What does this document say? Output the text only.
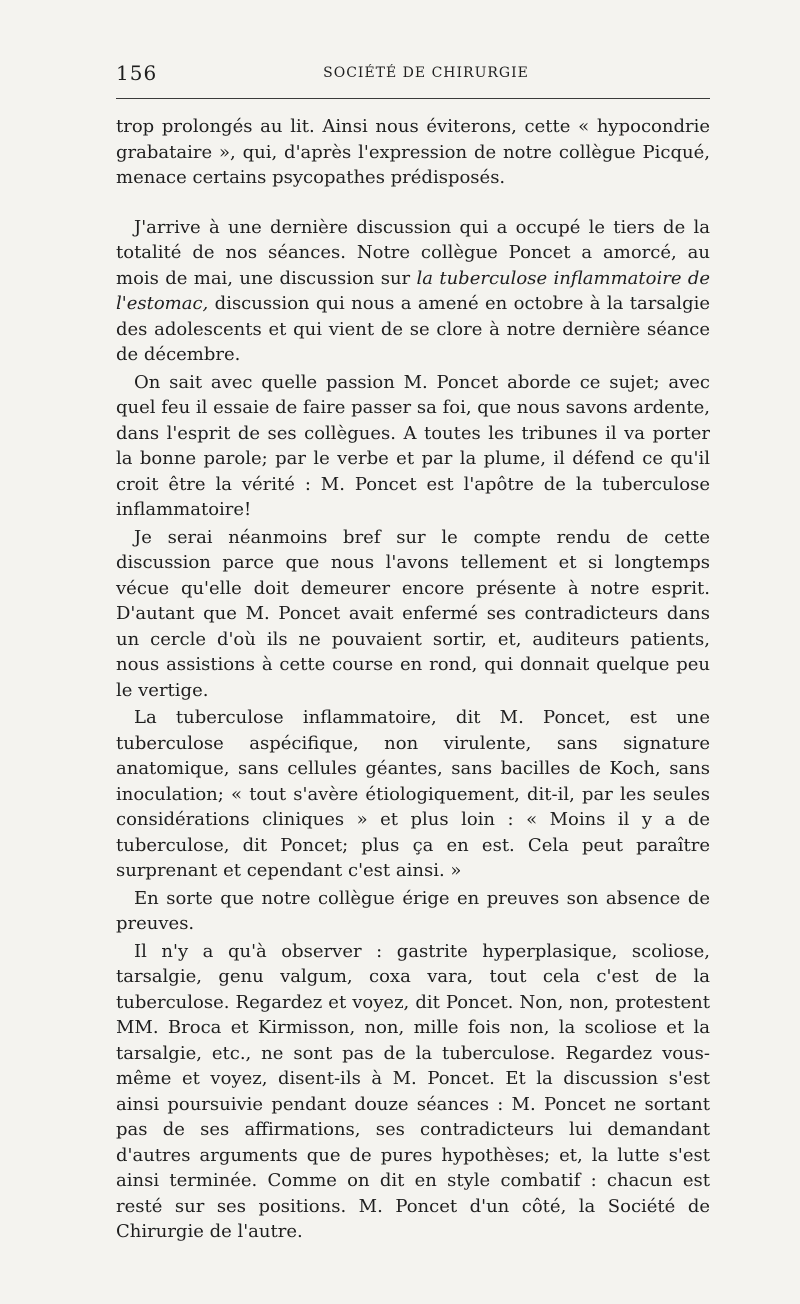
156	SOCIÉTÉ DE CHIRURGIE

trop prolongés au lit. Ainsi nous éviterons, cette « hypocondrie grabataire », qui, d'après l'expression de notre collègue Picqué, menace certains psycopathes prédisposés.

J'arrive à une dernière discussion qui a occupé le tiers de la totalité de nos séances. Notre collègue Poncet a amorcé, au mois de mai, une discussion sur la tuberculose inflammatoire de l'estomac, discussion qui nous a amené en octobre à la tarsalgie des adolescents et qui vient de se clore à notre dernière séance de décembre.

On sait avec quelle passion M. Poncet aborde ce sujet; avec quel feu il essaie de faire passer sa foi, que nous savons ardente, dans l'esprit de ses collègues. A toutes les tribunes il va porter la bonne parole; par le verbe et par la plume, il défend ce qu'il croit être la vérité : M. Poncet est l'apôtre de la tuberculose inflammatoire!

Je serai néanmoins bref sur le compte rendu de cette discussion parce que nous l'avons tellement et si longtemps vécue qu'elle doit demeurer encore présente à notre esprit. D'autant que M. Poncet avait enfermé ses contradicteurs dans un cercle d'où ils ne pouvaient sortir, et, auditeurs patients, nous assistions à cette course en rond, qui donnait quelque peu le vertige.

La tuberculose inflammatoire, dit M. Poncet, est une tuberculose aspécifique, non virulente, sans signature anatomique, sans cellules géantes, sans bacilles de Koch, sans inoculation; « tout s'avère étiologiquement, dit-il, par les seules considérations cliniques » et plus loin : « Moins il y a de tuberculose, dit Poncet; plus ça en est. Cela peut paraître surprenant et cependant c'est ainsi. »

En sorte que notre collègue érige en preuves son absence de preuves.

Il n'y a qu'à observer : gastrite hyperplasique, scoliose, tarsalgie, genu valgum, coxa vara, tout cela c'est de la tuberculose. Regardez et voyez, dit Poncet. Non, non, protestent MM. Broca et Kirmisson, non, mille fois non, la scoliose et la tarsalgie, etc., ne sont pas de la tuberculose. Regardez vous-même et voyez, disent-ils à M. Poncet. Et la discussion s'est ainsi poursuivie pendant douze séances : M. Poncet ne sortant pas de ses affirmations, ses contradicteurs lui demandant d'autres arguments que de pures hypothèses; et, la lutte s'est ainsi terminée. Comme on dit en style combatif : chacun est resté sur ses positions. M. Poncet d'un côté, la Société de Chirurgie de l'autre.
